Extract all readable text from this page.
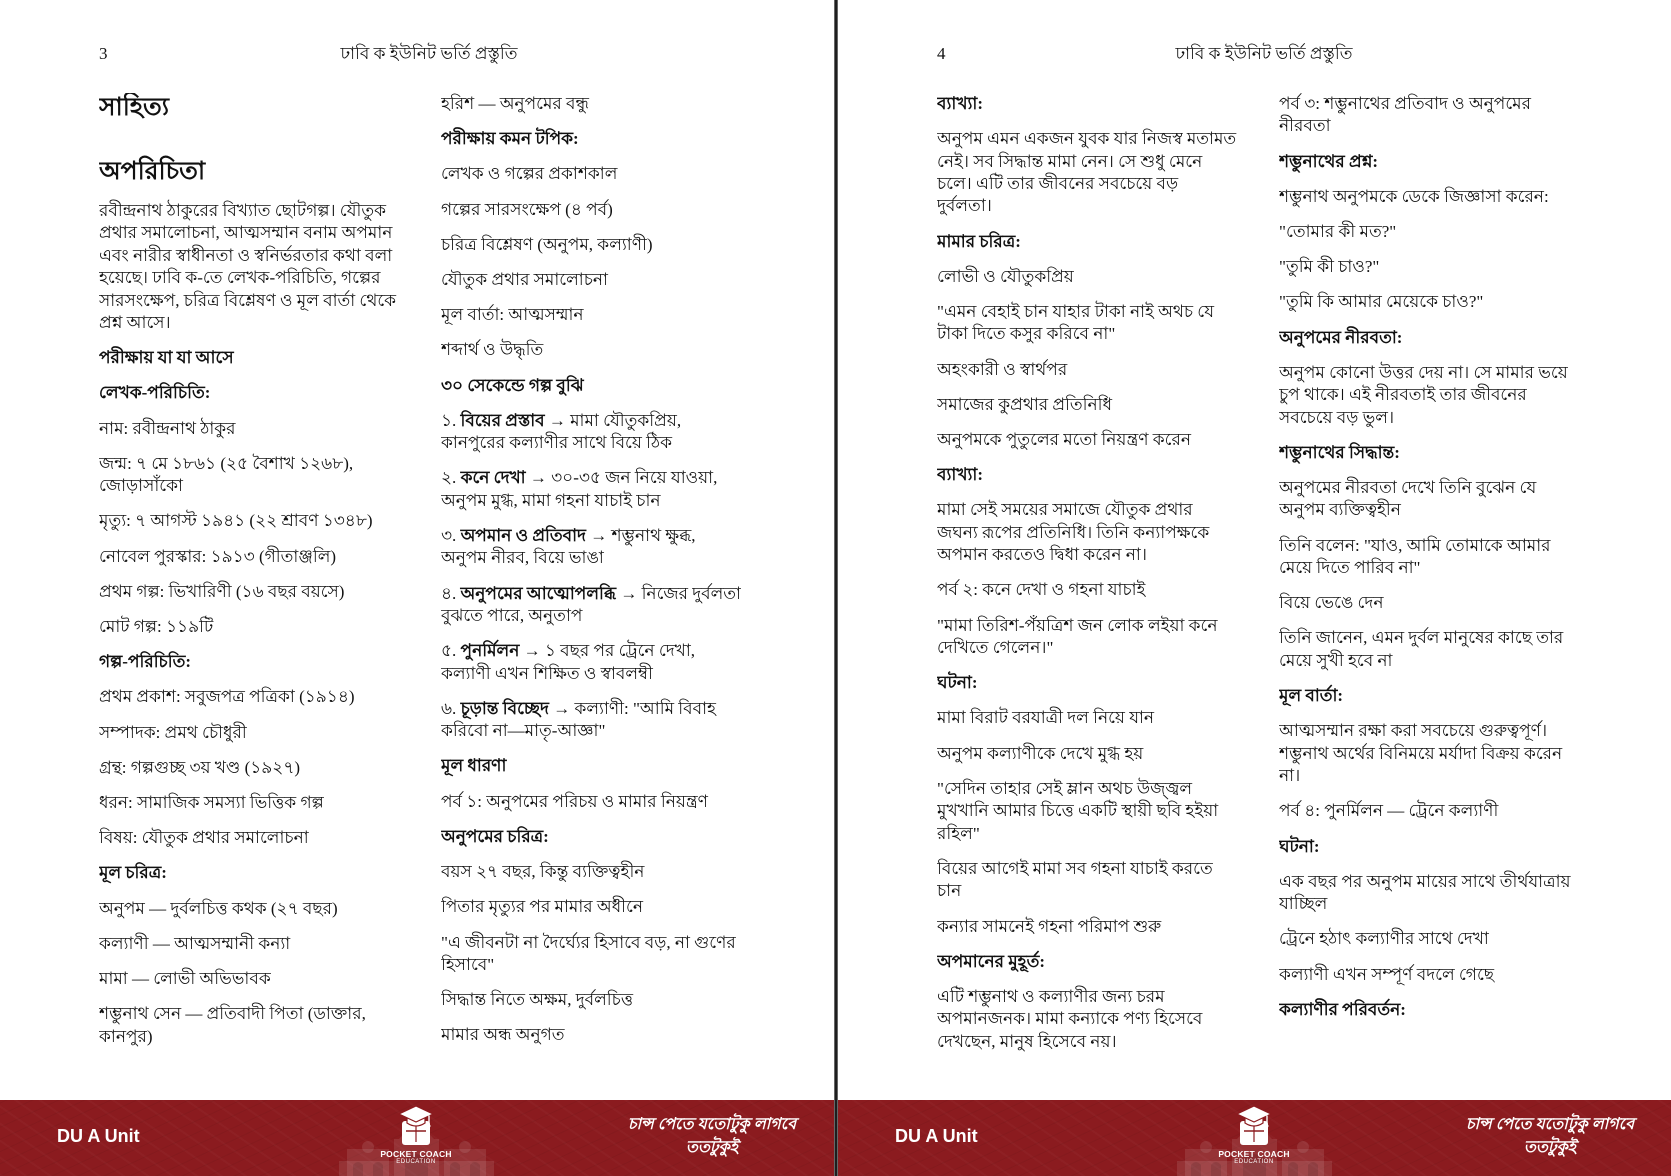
3	ঢাবি ক ইউনিট ভর্তি প্রস্তুতি
সাহিত্য
অপরিচিতা

রবীন্দ্রনাথ ঠাকুরের বিখ্যাত ছোটগল্প। যৌতুক প্রথার সমালোচনা, আত্মসম্মান বনাম অপমান এবং নারীর স্বাধীনতা ও স্বনির্ভরতার কথা বলা হয়েছে। ঢাবি ক-তে লেখক-পরিচিতি, গল্পের সারসংক্ষেপ, চরিত্র বিশ্লেষণ ও মূল বার্তা থেকে প্রশ্ন আসে।

পরীক্ষায় যা যা আসে
লেখক-পরিচিতি:

নাম: রবীন্দ্রনাথ ঠাকুর

জন্ম: ৭ মে ১৮৬১ (২৫ বৈশাখ ১২৬৮), জোড়াসাঁকো

মৃত্যু: ৭ আগস্ট ১৯৪১ (২২ শ্রাবণ ১৩৪৮)

নোবেল পুরস্কার: ১৯১৩ (গীতাঞ্জলি)

প্রথম গল্প: ভিখারিণী (১৬ বছর বয়সে)

মোট গল্প: ১১৯টি

গল্প-পরিচিতি:

প্রথম প্রকাশ: সবুজপত্র পত্রিকা (১৯১৪)

সম্পাদক: প্রমথ চৌধুরী

গ্রন্থ: গল্পগুচ্ছ ৩য় খণ্ড (১৯২৭)

ধরন: সামাজিক সমস্যা ভিত্তিক গল্প

বিষয়: যৌতুক প্রথার সমালোচনা

মূল চরিত্র:

অনুপম — দুর্বলচিত্ত কথক (২৭ বছর)

কল্যাণী — আত্মসম্মানী কন্যা

মামা — লোভী অভিভাবক

শম্ভুনাথ সেন — প্রতিবাদী পিতা (ডাক্তার, কানপুর)

হরিশ — অনুপমের বন্ধু

পরীক্ষায় কমন টপিক:

লেখক ও গল্পের প্রকাশকাল

গল্পের সারসংক্ষেপ (৪ পর্ব)

চরিত্র বিশ্লেষণ (অনুপম, কল্যাণী)

যৌতুক প্রথার সমালোচনা

মূল বার্তা: আত্মসম্মান

শব্দার্থ ও উদ্ধৃতি

৩০ সেকেন্ডে গল্প বুঝি

১. বিয়ের প্রস্তাব → মামা যৌতুকপ্রিয়, কানপুরের কল্যাণীর সাথে বিয়ে ঠিক

২. কনে দেখা → ৩০-৩৫ জন নিয়ে যাওয়া, অনুপম মুগ্ধ, মামা গহনা যাচাই চান

৩. অপমান ও প্রতিবাদ → শম্ভুনাথ ক্ষুব্ধ, অনুপম নীরব, বিয়ে ভাঙা

৪. অনুপমের আত্মোপলব্ধি → নিজের দুর্বলতা বুঝতে পারে, অনুতাপ

৫. পুনর্মিলন → ১ বছর পর ট্রেনে দেখা, কল্যাণী এখন শিক্ষিত ও স্বাবলম্বী

৬. চূড়ান্ত বিচ্ছেদ → কল্যাণী: "আমি বিবাহ করিবো না—মাতৃ-আজ্ঞা"

মূল ধারণা

পর্ব ১: অনুপমের পরিচয় ও মামার নিয়ন্ত্রণ

অনুপমের চরিত্র:

বয়স ২৭ বছর, কিন্তু ব্যক্তিত্বহীন

পিতার মৃত্যুর পর মামার অধীনে

"এ জীবনটা না দৈর্ঘ্যের হিসাবে বড়, না গুণের হিসাবে"

সিদ্ধান্ত নিতে অক্ষম, দুর্বলচিত্ত

মামার অন্ধ অনুগত

DU A Unit
POCKET COACH
EDUCATION
চান্স পেতে যতোটুকু লাগবে
ততটুকুই
4	ঢাবি ক ইউনিট ভর্তি প্রস্তুতি
ব্যাখ্যা:

অনুপম এমন একজন যুবক যার নিজস্ব মতামত নেই। সব সিদ্ধান্ত মামা নেন। সে শুধু মেনে চলে। এটি তার জীবনের সবচেয়ে বড় দুর্বলতা।

মামার চরিত্র:

লোভী ও যৌতুকপ্রিয়

"এমন বেহাই চান যাহার টাকা নাই অথচ যে টাকা দিতে কসুর করিবে না"

অহংকারী ও স্বার্থপর

সমাজের কুপ্রথার প্রতিনিধি

অনুপমকে পুতুলের মতো নিয়ন্ত্রণ করেন

ব্যাখ্যা:

মামা সেই সময়ের সমাজে যৌতুক প্রথার জঘন্য রূপের প্রতিনিধি। তিনি কন্যাপক্ষকে অপমান করতেও দ্বিধা করেন না।

পর্ব ২: কনে দেখা ও গহনা যাচাই

"মামা তিরিশ-পঁয়ত্রিশ জন লোক লইয়া কনে দেখিতে গেলেন।"

ঘটনা:

মামা বিরাট বরযাত্রী দল নিয়ে যান

অনুপম কল্যাণীকে দেখে মুগ্ধ হয়

"সেদিন তাহার সেই ম্লান অথচ উজ্জ্বল মুখখানি আমার চিত্তে একটি স্থায়ী ছবি হইয়া রহিল"

বিয়ের আগেই মামা সব গহনা যাচাই করতে চান

কন্যার সামনেই গহনা পরিমাপ শুরু

অপমানের মুহূর্ত:

এটি শম্ভুনাথ ও কল্যাণীর জন্য চরম অপমানজনক। মামা কন্যাকে পণ্য হিসেবে দেখছেন, মানুষ হিসেবে নয়।

পর্ব ৩: শম্ভুনাথের প্রতিবাদ ও অনুপমের নীরবতা

শম্ভুনাথের প্রশ্ন:

শম্ভুনাথ অনুপমকে ডেকে জিজ্ঞাসা করেন:

"তোমার কী মত?"

"তুমি কী চাও?"

"তুমি কি আমার মেয়েকে চাও?"

অনুপমের নীরবতা:

অনুপম কোনো উত্তর দেয় না। সে মামার ভয়ে চুপ থাকে। এই নীরবতাই তার জীবনের সবচেয়ে বড় ভুল।

শম্ভুনাথের সিদ্ধান্ত:

অনুপমের নীরবতা দেখে তিনি বুঝেন যে অনুপম ব্যক্তিত্বহীন

তিনি বলেন: "যাও, আমি তোমাকে আমার মেয়ে দিতে পারিব না"

বিয়ে ভেঙে দেন

তিনি জানেন, এমন দুর্বল মানুষের কাছে তার মেয়ে সুখী হবে না

মূল বার্তা:

আত্মসম্মান রক্ষা করা সবচেয়ে গুরুত্বপূর্ণ। শম্ভুনাথ অর্থের বিনিময়ে মর্যাদা বিক্রয় করেন না।

পর্ব ৪: পুনর্মিলন — ট্রেনে কল্যাণী

ঘটনা:

এক বছর পর অনুপম মায়ের সাথে তীর্থযাত্রায় যাচ্ছিল

ট্রেনে হঠাৎ কল্যাণীর সাথে দেখা

কল্যাণী এখন সম্পূর্ণ বদলে গেছে

কল্যাণীর পরিবর্তন:
DU A Unit
POCKET COACH
EDUCATION
চান্স পেতে যতোটুকু লাগবে
ততটুকুই
